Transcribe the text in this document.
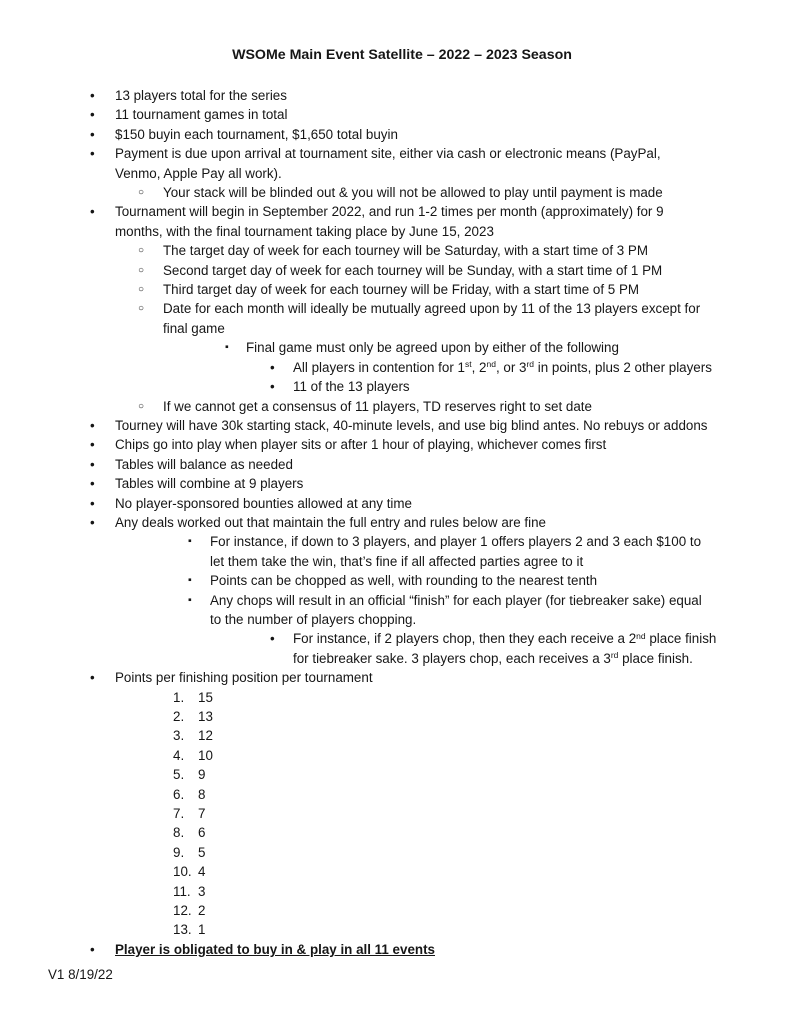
WSOMe Main Event Satellite – 2022 – 2023 Season
• 13 players total for the series
• 11 tournament games in total
• $150 buyin each tournament, $1,650 total buyin
• Payment is due upon arrival at tournament site, either via cash or electronic means (PayPal,
Venmo, Apple Pay all work).
○ Your stack will be blinded out & you will not be allowed to play until payment is made
• Tournament will begin in September 2022, and run 1-2 times per month (approximately) for 9
months, with the final tournament taking place by June 15, 2023
○ The target day of week for each tourney will be Saturday, with a start time of 3 PM
○ Second target day of week for each tourney will be Sunday, with a start time of 1 PM
○ Third target day of week for each tourney will be Friday, with a start time of 5 PM
○ Date for each month will ideally be mutually agreed upon by 11 of the 13 players except for
final game
▪ Final game must only be agreed upon by either of the following
• All players in contention for 1st, 2nd, or 3rd in points, plus 2 other players
• 11 of the 13 players
○ If we cannot get a consensus of 11 players, TD reserves right to set date
• Tourney will have 30k starting stack, 40-minute levels, and use big blind antes. No rebuys or addons
• Chips go into play when player sits or after 1 hour of playing, whichever comes first
• Tables will balance as needed
• Tables will combine at 9 players
• No player-sponsored bounties allowed at any time
• Any deals worked out that maintain the full entry and rules below are fine
▪ For instance, if down to 3 players, and player 1 offers players 2 and 3 each $100 to
let them take the win, that’s fine if all affected parties agree to it
▪ Points can be chopped as well, with rounding to the nearest tenth
▪ Any chops will result in an official “finish” for each player (for tiebreaker sake) equal
to the number of players chopping.
• For instance, if 2 players chop, then they each receive a 2nd place finish
for tiebreaker sake. 3 players chop, each receives a 3rd place finish.
• Points per finishing position per tournament
1. 15
2. 13
3. 12
4. 10
5. 9
6. 8
7. 7
8. 6
9. 5
10. 4
11. 3
12. 2
13. 1
• Player is obligated to buy in & play in all 11 events
V1 8/19/22
